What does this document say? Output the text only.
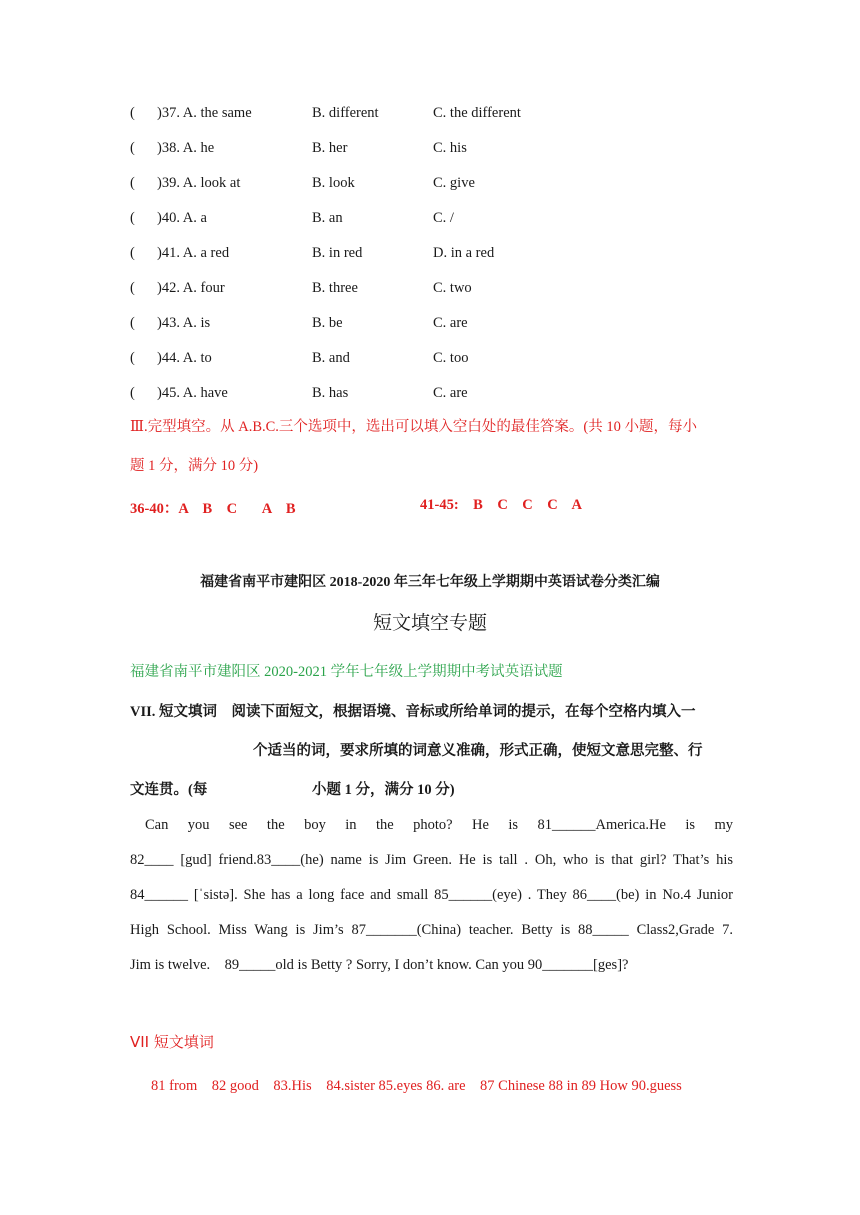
( )37. A. the same	B. different	C. the different
( )38. A. he	B. her	C. his
( )39. A. look at	B. look	C. give
( )40. A. a	B. an	C. /
( )41. A. a red	B. in red	D. in a red
( )42. A. four	B. three	C. two
( )43. A. is	B. be	C. are
( )44. A. to	B. and	C. too
( )45. A. have	B. has	C. are
Ⅲ.完型填空。从 A.B.C.三个选项中，选出可以填入空白处的最佳答案。(共 10 小题，每小
题 1 分，满分 10 分)
36-40：A    B    C       A    B	41-45:    B    C    C    C    A
福建省南平市建阳区 2018-2020 年三年七年级上学期期中英语试卷分类汇编
短文填空专题
福建省南平市建阳区 2020-2021 学年七年级上学期期中考试英语试题
VII. 短文填词    阅读下面短文，根据语境、音标或所给单词的提示，在每个空格内填入一
个适当的词，要求所填的词意义准确，形式正确，使短文意思完整、行
文连贯。(每	小题 1 分，满分 10 分)
Can you see the boy in the photo? He is 81______America.He is my
82____ [gud] friend.83____(he) name is Jim Green. He is tall . Oh, who is that girl? That’s his
84______ [ˈsistə]. She has a long face and small 85______(eye) . They 86____(be) in No.4 Junior
High School. Miss Wang is Jim’s 87_______(China) teacher. Betty is 88_____ Class2,Grade 7.
Jim is twelve.    89_____old is Betty ? Sorry, I don’t know. Can you 90_______[ges]?
VII 短文填词
81 from    82 good    83.His    84.sister 85.eyes 86. are    87 Chinese 88 in 89 How 90.guess
